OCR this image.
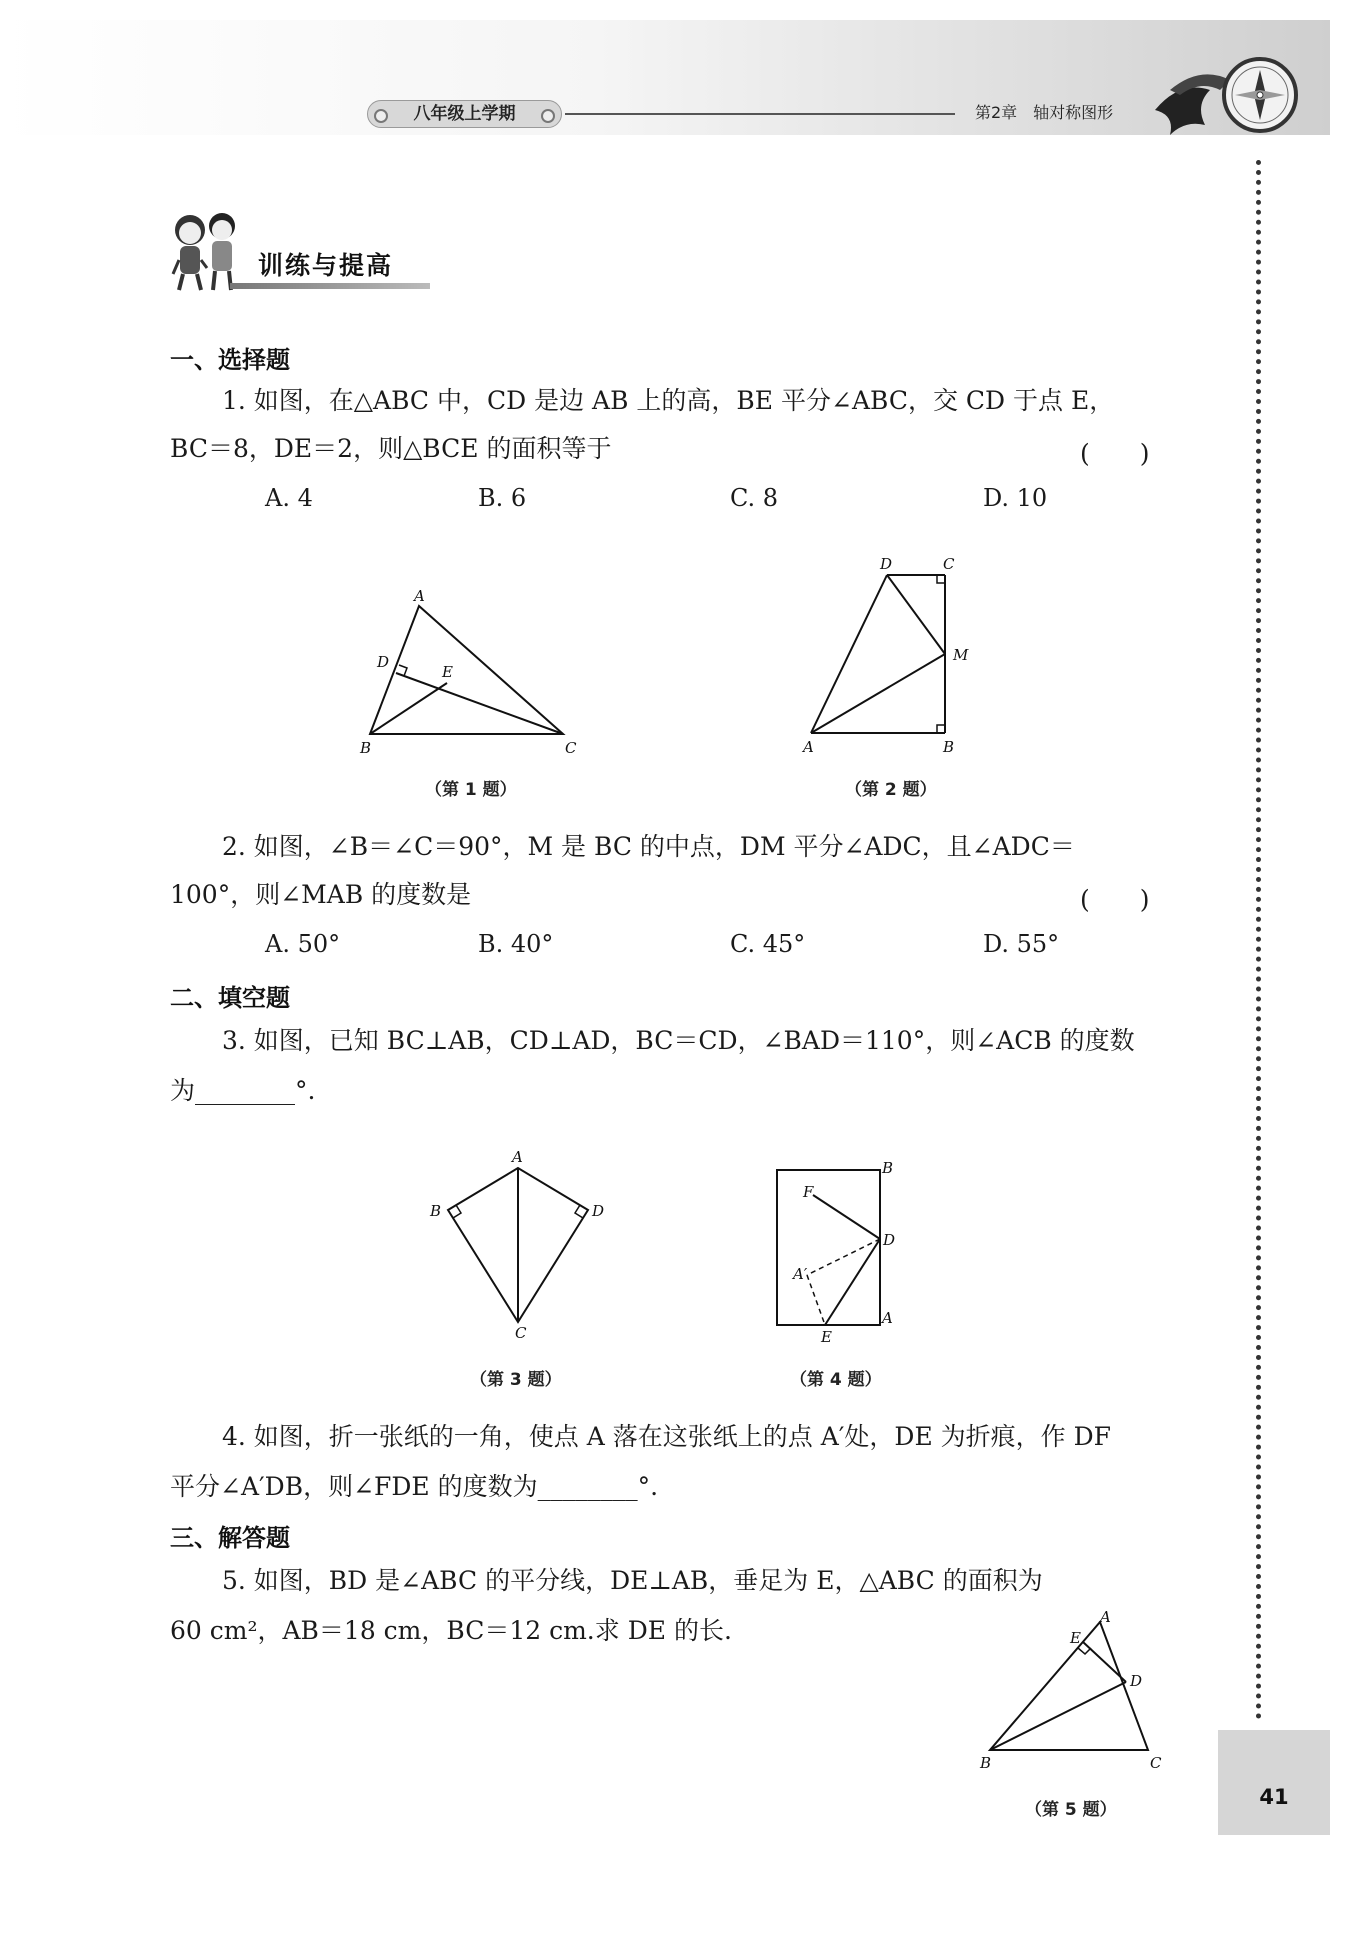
八年级上学期	第2章　轴对称图形
41
训练与提高
一、选择题
1. 如图，在△ABC 中，CD 是边 AB 上的高，BE 平分∠ABC，交 CD 于点 E，
BC＝8，DE＝2，则△BCE 的面积等于	(　　)
A. 4	B. 6	C. 8	D. 10
A
B	C
D
E
（第 1 题）
D	C
M
A	B
（第 2 题）
2. 如图，∠B＝∠C＝90°，M 是 BC 的中点，DM 平分∠ADC，且∠ADC＝
100°，则∠MAB 的度数是	(　　)
A. 50°	B. 40°	C. 45°	D. 55°
二、填空题
3. 如图，已知 BC⊥AB，CD⊥AD，BC＝CD，∠BAD＝110°，则∠ACB 的度数
为________°.
A
B	D
C
（第 3 题）
B
F
D
A′
A
E
（第 4 题）
4. 如图，折一张纸的一角，使点 A 落在这张纸上的点 A′处，DE 为折痕，作 DF
平分∠A′DB，则∠FDE 的度数为________°.
三、解答题
5. 如图，BD 是∠ABC 的平分线，DE⊥AB，垂足为 E，△ABC 的面积为
60 cm²，AB＝18 cm，BC＝12 cm.求 DE 的长.	A
E
D
B	C
（第 5 题）
